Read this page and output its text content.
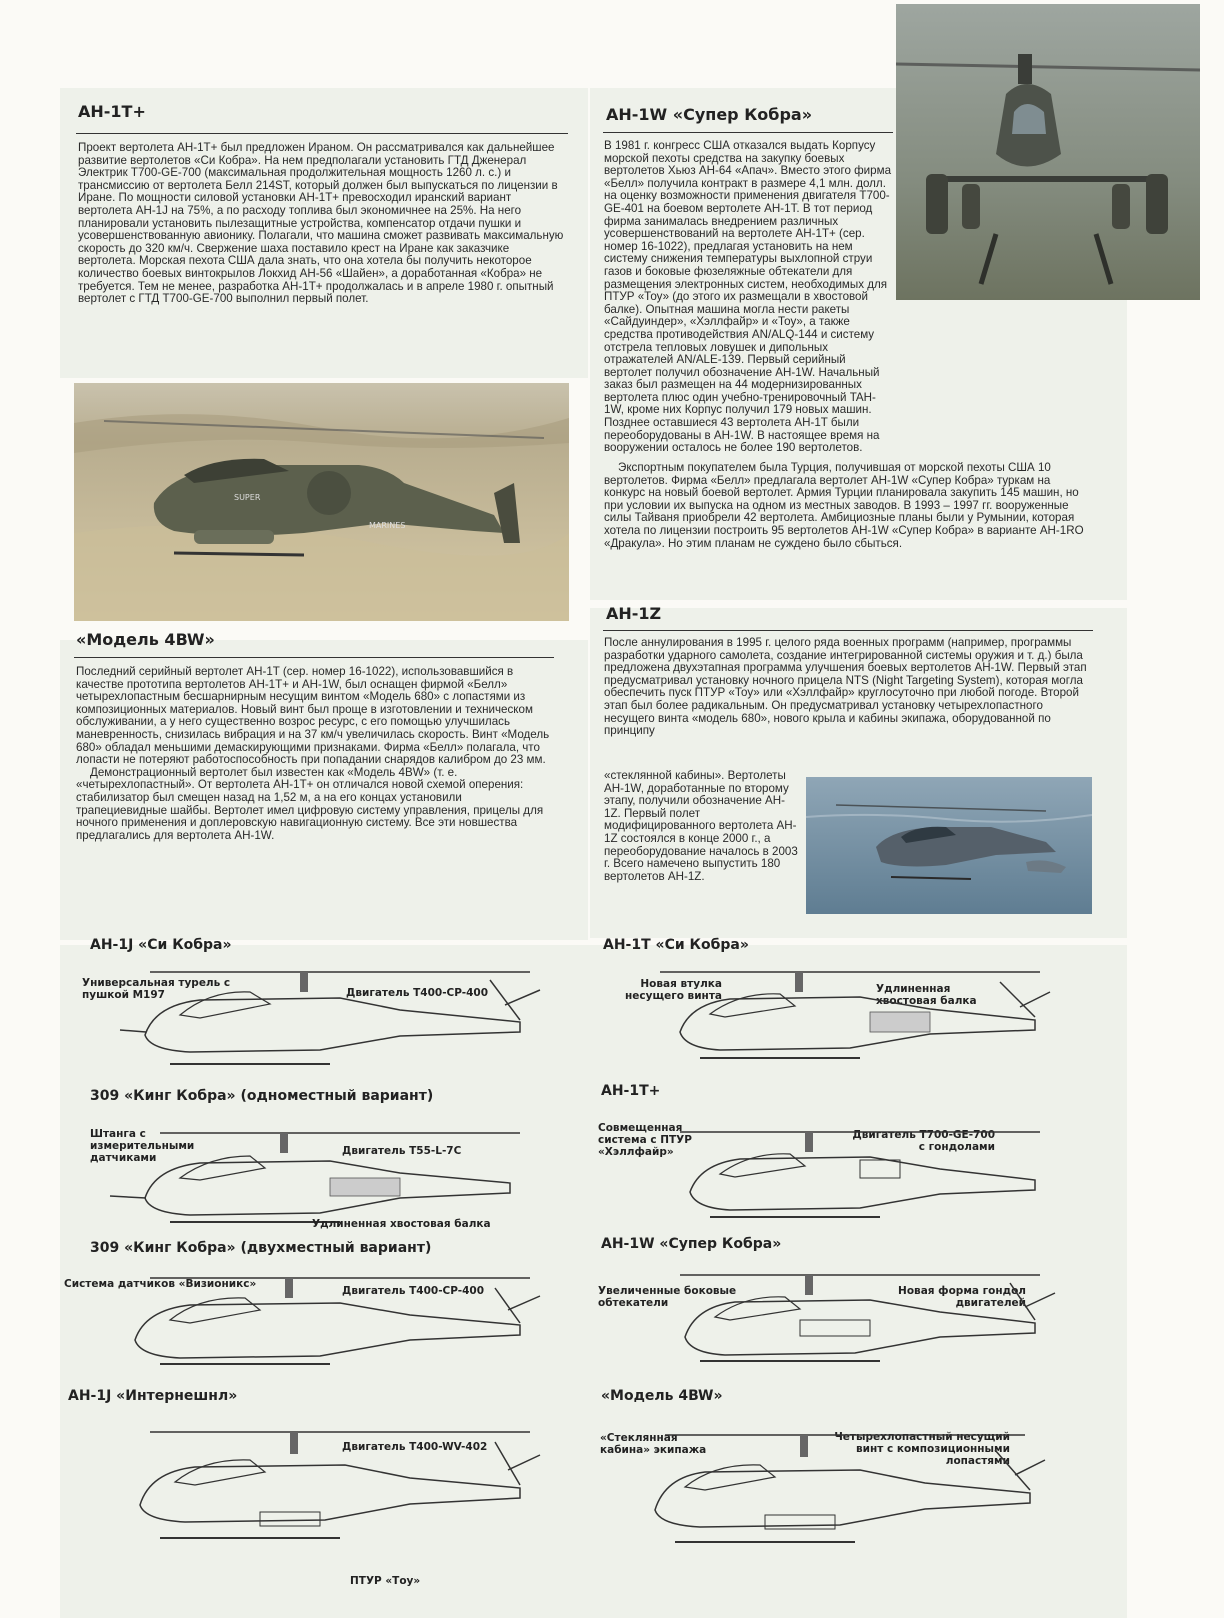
AH-1T+

Проект вертолета AH-1T+ был предложен Ираном. Он рассматривался как дальнейшее развитие вертолетов «Си Кобра». На нем предполагали установить ГТД Дженерал Электрик T700-GE-700 (максимальная продолжительная мощность 1260 л. с.) и трансмиссию от вертолета Белл 214ST, который должен был выпускаться по лицензии в Иране. По мощности силовой установки AH-1T+ превосходил иранский вариант вертолета AH-1J на 75%, а по расходу топлива был экономичнее на 25%. На него планировали установить пылезащитные устройства, компенсатор отдачи пушки и усовершенствованную авионику. Полагали, что машина сможет развивать максимальную скорость до 320 км/ч. Свержение шаха поставило крест на Иране как заказчике вертолета. Морская пехота США дала знать, что она хотела бы получить некоторое количество боевых винтокрылов Локхид AH-56 «Шайен», а доработанная «Кобра» не требуется. Тем не менее, разработка AH-1T+ продолжалась и в апреле 1980 г. опытный вертолет с ГТД T700-GE-700 выполнил первый полет.

SUPER
MARINES
AH-1W «Супер Кобра»

В 1981 г. конгресс США отказался выдать Корпусу морской пехоты средства на закупку боевых вертолетов Хьюз AH-64 «Апач». Вместо этого фирма «Белл» получила контракт в размере 4,1 млн. долл. на оценку возможности применения двигателя T700-GE-401 на боевом вертолете AH-1T. В тот период фирма занималась внедрением различных усовершенствований на вертолете AH-1T+ (сер. номер 16-1022), предлагая установить на нем систему снижения температуры выхлопной струи газов и боковые фюзеляжные обтекатели для размещения электронных систем, необходимых для ПТУР «Тоу» (до этого их размещали в хвостовой балке). Опытная машина могла нести ракеты «Сайдуиндер», «Хэллфайр» и «Тоу», а также средства противодействия AN/ALQ-144 и систему отстрела тепловых ловушек и дипольных отражателей AN/ALE-139. Первый серийный вертолет получил обозначение AH-1W. Начальный заказ был размещен на 44 модернизированных вертолета плюс один учебно-тренировочный TAH-1W, кроме них Корпус получил 179 новых машин. Позднее оставшиеся 43 вертолета AH-1T были переоборудованы в AH-1W. В настоящее время на вооружении осталось не более 190 вертолетов.

«Модель 4BW»

Последний серийный вертолет AH-1T (сер. номер 16-1022), использовавшийся в качестве прототипа вертолетов AH-1T+ и AH-1W, был оснащен фирмой «Белл» четырехлопастным бесшарнирным несущим винтом «Модель 680» с лопастями из композиционных материалов. Новый винт был проще в изготовлении и техническом обслуживании, а у него существенно возрос ресурс, с его помощью улучшилась маневренность, снизилась вибрация и на 37 км/ч увеличилась скорость. Винт «Модель 680» обладал меньшими демаскирующими признаками. Фирма «Белл» полагала, что лопасти не потеряют работоспособность при попадании снарядов калибром до 23 мм.

Демонстрационный вертолет был известен как «Модель 4BW» (т. е. «четырехлопастный». От вертолета AH-1T+ он отличался новой схемой оперения: стабилизатор был смещен назад на 1,52 м, а на его концах установили трапециевидные шайбы. Вертолет имел цифровую систему управления, прицелы для ночного применения и доплеровскую навигационную систему. Все эти новшества предлагались для вертолета AH-1W.

AH-1Z

После аннулирования в 1995 г. целого ряда военных программ (например, программы разработки ударного самолета, создание интегрированной системы оружия и т. д.) была предложена двухэтапная программа улучшения боевых вертолетов AH-1W. Первый этап предусматривал установку ночного прицела NTS (Night Targeting System), которая могла обеспечить пуск ПТУР «Тоу» или «Хэллфайр» круглосуточно при любой погоде. Второй этап был более радикальным. Он предусматривал установку четырехлопастного несущего винта «модель 680», нового крыла и кабины экипажа, оборудованной по принципу

«стеклянной кабины». Вертолеты AH-1W, доработанные по второму этапу, получили обозначение AH-1Z. Первый полет модифицированного вертолета AH-1Z состоялся в конце 2000 г., а переоборудование началось в 2003 г. Всего намечено выпустить 180 вертолетов AH-1Z.

Экспортным покупателем была Турция, получившая от морской пехоты США 10 вертолетов. Фирма «Белл» предлагала вертолет AH-1W «Супер Кобра» туркам на конкурс на новый боевой вертолет. Армия Турции планировала закупить 145 машин, но при условии их выпуска на одном из местных заводов. В 1993 – 1997 гг. вооруженные силы Тайваня приобрели 42 вертолета. Амбициозные планы были у Румынии, которая хотела по лицензии построить 95 вертолетов AH-1W «Супер Кобра» в варианте AH-1RO «Дракула». Но этим планам не суждено было сбыться.

AH-1J «Си Кобра»
Универсальная турель с пушкой M197	Двигатель T400-CP-400
309 «Кинг Кобра» (одноместный вариант)
Штанга с измерительными датчиками
Двигатель T55-L-7C
Удлиненная хвостовая балка
309 «Кинг Кобра» (двухместный вариант)
Система датчиков «Визионикс»
Двигатель T400-CP-400
AH-1J «Интернешнл»
Двигатель T400-WV-402
ПТУР «Тоу»
AH-1T «Си Кобра»
Новая втулка несущего винта
Удлиненная хвостовая балка
AH-1T+
Совмещенная система с ПТУР «Хэллфайр»
Двигатель T700-GE-700 с гондолами
AH-1W «Супер Кобра»
Увеличенные боковые обтекатели
Новая форма гондол двигателей
«Модель 4BW»
«Стеклянная кабина» экипажа
Четырехлопастный несущий винт с композиционными лопастями
